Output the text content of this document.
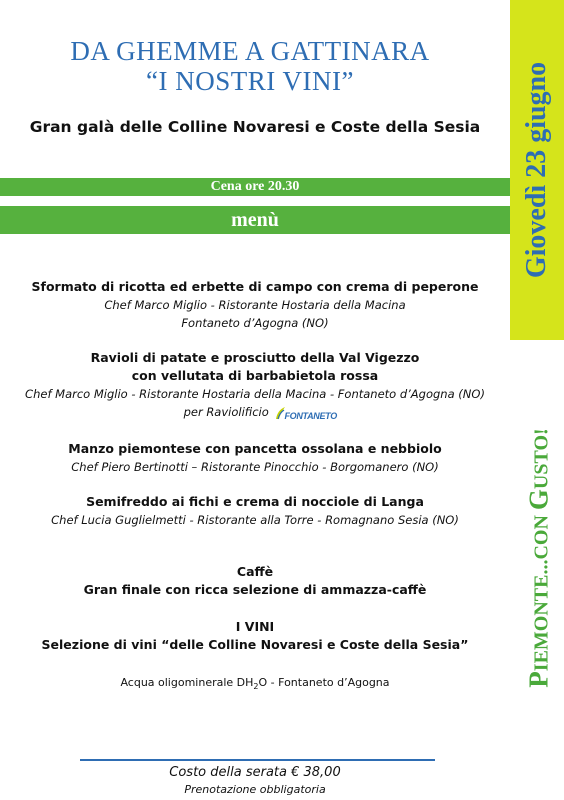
DA GHEMME A GATTINARA
“I NOSTRI VINI”
Gran galà delle Colline Novaresi e Coste della Sesia
Cena ore 20.30
menù	Giovedì 23 giugno
PIEMONTE...CON GUSTO!
Sformato di ricotta ed erbette di campo con crema di peperone
Chef Marco Miglio - Ristorante Hostaria della Macina
Fontaneto d’Agogna (NO)
Ravioli di patate e prosciutto della Val Vigezzo
con vellutata di barbabietola rossa
Chef Marco Miglio - Ristorante Hostaria della Macina - Fontaneto d’Agogna (NO)
per Raviolificio FONTANETO
Manzo piemontese con pancetta ossolana e nebbiolo
Chef Piero Bertinotti – Ristorante Pinocchio - Borgomanero (NO)
Semifreddo ai fichi e crema di nocciole di Langa
Chef Lucia Guglielmetti - Ristorante alla Torre - Romagnano Sesia (NO)
Caffè
Gran finale con ricca selezione di ammazza-caffè
I VINI
Selezione di vini “delle Colline Novaresi e Coste della Sesia”
Acqua oligominerale $DH_2O$ - Fontaneto d’Agogna
Costo della serata € 38,00
Prenotazione obbligatoria
